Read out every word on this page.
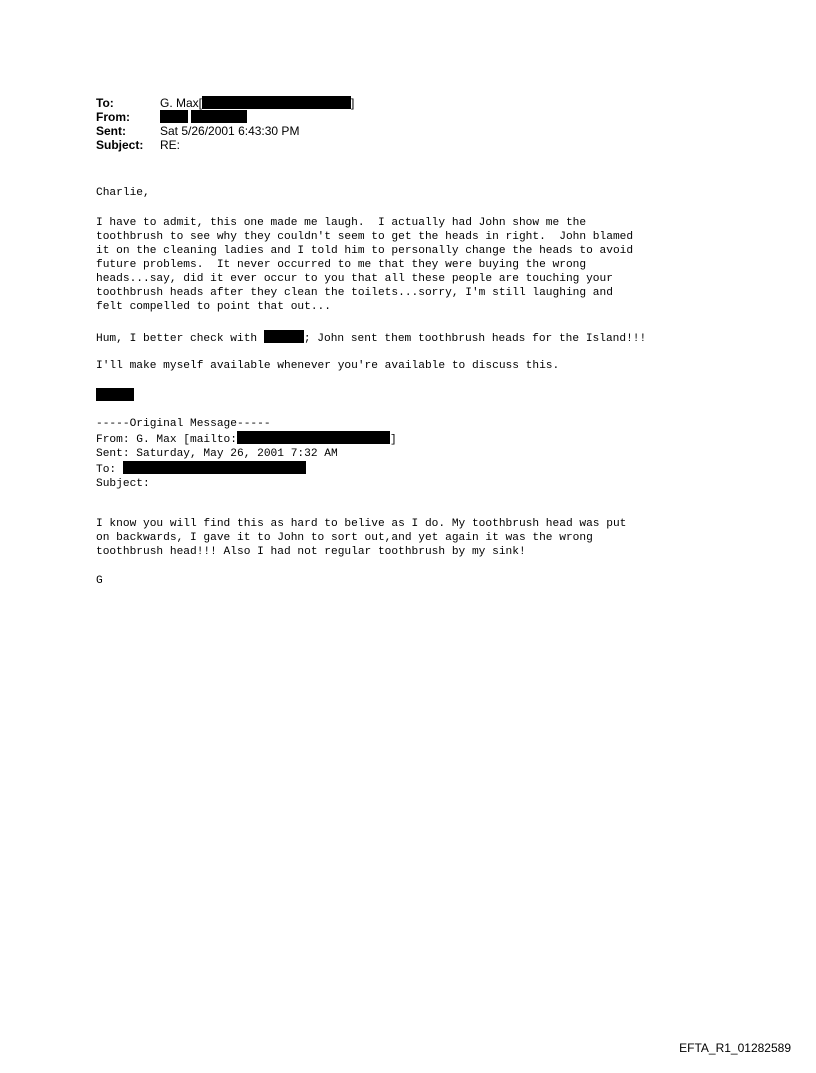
To:	G. Max[	]
From:

Sent:	Sat 5/26/2001 6:43:30 PM
Subject: RE:
Charlie,
I have to admit, this one made me laugh.  I actually had John show me the
toothbrush to see why they couldn't seem to get the heads in right.  John blamed
it on the cleaning ladies and I told him to personally change the heads to avoid
future problems.  It never occurred to me that they were buying the wrong
heads...say, did it ever occur to you that all these people are touching your
toothbrush heads after they clean the toilets...sorry, I'm still laughing and
felt compelled to point that out...
Hum, I better check with	; John sent them toothbrush heads for the Island!!!
I'll make myself available whenever you're available to discuss this.
-----Original Message-----
From: G. Max [mailto:	]
Sent: Saturday, May 26, 2001 7:32 AM
To:
Subject:
I know you will find this as hard to belive as I do. My toothbrush head was put
on backwards, I gave it to John to sort out,and yet again it was the wrong
toothbrush head!!! Also I had not regular toothbrush by my sink!
G
EFTA_R1_01282589
